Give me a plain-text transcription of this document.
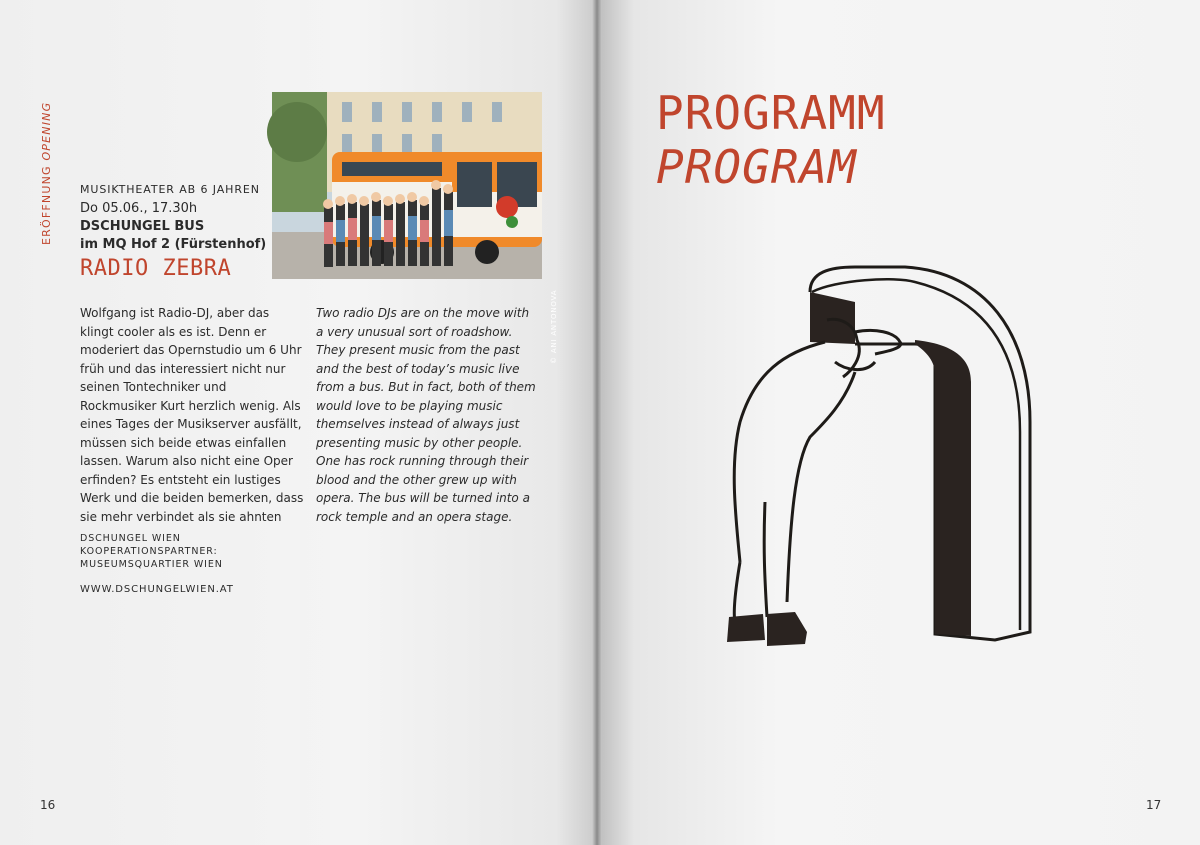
ERÖFFNUNG OPENING
© ANI ANTONOVA
MUSIKTHEATER AB 6 JAHREN
Do 05.06., 17.30h
DSCHUNGEL BUS
im MQ Hof 2 (Fürstenhof)
RADIO ZEBRA
Wolfgang ist Radio-DJ, aber das klingt cooler als es ist. Denn er moderiert das Opernstudio um 6 Uhr früh und das interessiert nicht nur seinen Tontechniker und Rockmusiker Kurt herzlich wenig. Als eines Tages der Musikserver ausfällt, müssen sich beide etwas einfallen lassen. Warum also nicht eine Oper erfinden? Es entsteht ein lustiges Werk und die beiden bemerken, dass sie mehr verbindet als sie ahnten
Two radio DJs are on the move with a very unusual sort of roadshow. They present music from the past and the best of today’s music live from a bus. But in fact, both of them would love to be playing music themselves instead of always just presenting music by other people. One has rock running through their blood and the other grew up with opera. The bus will be turned into a rock temple and an opera stage.
DSCHUNGEL WIEN
KOOPERATIONSPARTNER:
MUSEUMSQUARTIER WIEN
WWW.DSCHUNGELWIEN.AT
16
PROGRAMM
PROGRAM
17
